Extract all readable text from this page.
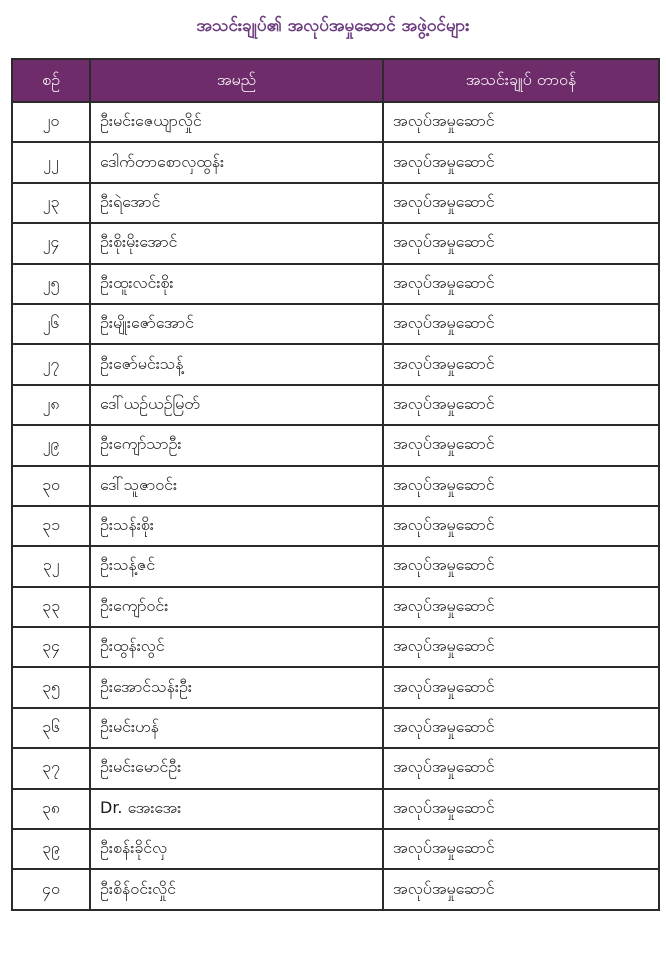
အသင်းချုပ်၏ အလုပ်အမှုဆောင် အဖွဲ့ဝင်များ
စဉ်	အမည်	အသင်းချုပ် တာဝန်
၂၀	ဦးမင်းဇေယျာလှိုင်	အလုပ်အမှုဆောင်
၂၂	ဒေါက်တာစောလှထွန်း	အလုပ်အမှုဆောင်
၂၃	ဦးရဲအောင်	အလုပ်အမှုဆောင်
၂၄	ဦးစိုးမိုးအောင်	အလုပ်အမှုဆောင်
၂၅	ဦးထူးလင်းစိုး	အလုပ်အမှုဆောင်
၂၆	ဦးမျိုးဇော်အောင်	အလုပ်အမှုဆောင်
၂၇	ဦးဇော်မင်းသန့်	အလုပ်အမှုဆောင်
၂၈	ဒေါ်ယဉ်ယဉ်မြတ်	အလုပ်အမှုဆောင်
၂၉	ဦးကျော်သာဦး	အလုပ်အမှုဆောင်
၃၀	ဒေါ်သူဇာဝင်း	အလုပ်အမှုဆောင်
၃၁	ဦးသန်းစိုး	အလုပ်အမှုဆောင်
၃၂	ဦးသန့်ဇင်	အလုပ်အမှုဆောင်
၃၃	ဦးကျော်ဝင်း	အလုပ်အမှုဆောင်
၃၄	ဦးထွန်းလွင်	အလုပ်အမှုဆောင်
၃၅	ဦးအောင်သန်းဦး	အလုပ်အမှုဆောင်
၃၆	ဦးမင်းဟန်	အလုပ်အမှုဆောင်
၃၇	ဦးမင်းမောင်ဦး	အလုပ်အမှုဆောင်
၃၈	Dr. အေးအေး	အလုပ်အမှုဆောင်
၃၉	ဦးစန်းခိုင်လှ	အလုပ်အမှုဆောင်
၄၀	ဦးစိန်ဝင်းလှိုင်	အလုပ်အမှုဆောင်
